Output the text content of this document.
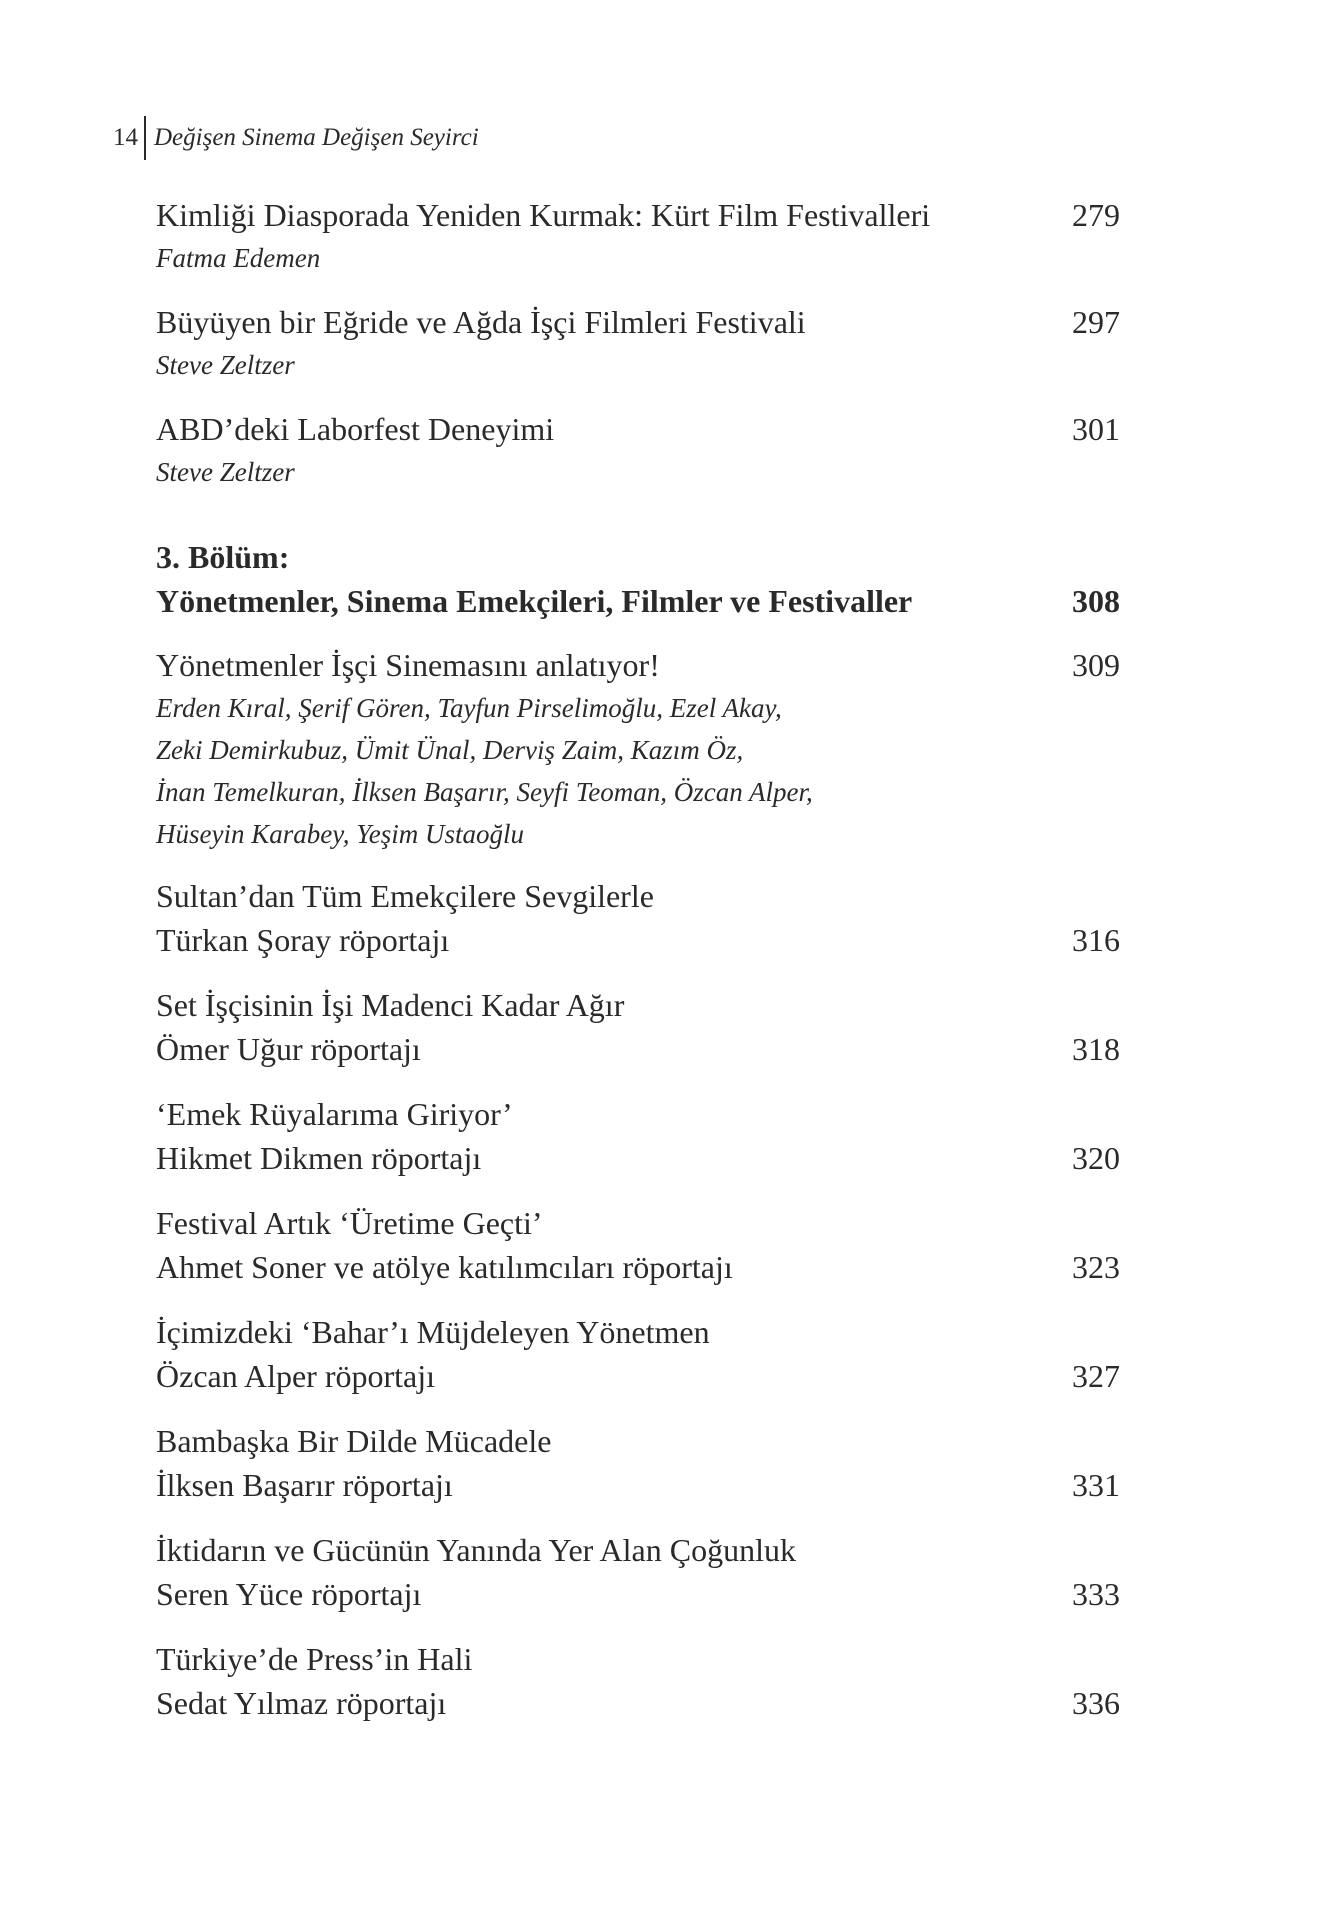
14 Değişen Sinema Değişen Seyirci
Kimliği Diasporada Yeniden Kurmak: Kürt Film Festivalleri	279
Fatma Edemen
Büyüyen bir Eğride ve Ağda İşçi Filmleri Festivali	297
Steve Zeltzer
ABD’deki Laborfest Deneyimi	301
Steve Zeltzer
3. Bölüm:
Yönetmenler, Sinema Emekçileri, Filmler ve Festivaller	308
Yönetmenler İşçi Sinemasını anlatıyor!	309
Erden Kıral, Şerif Gören, Tayfun Pirselimoğlu, Ezel Akay,
Zeki Demirkubuz, Ümit Ünal, Derviş Zaim, Kazım Öz,
İnan Temelkuran, İlksen Başarır, Seyfi Teoman, Özcan Alper,
Hüseyin Karabey, Yeşim Ustaoğlu
Sultan’dan Tüm Emekçilere Sevgilerle
Türkan Şoray röportajı	316
Set İşçisinin İşi Madenci Kadar Ağır
Ömer Uğur röportajı	318
‘Emek Rüyalarıma Giriyor’
Hikmet Dikmen röportajı	320
Festival Artık ‘Üretime Geçti’
Ahmet Soner ve atölye katılımcıları röportajı	323
İçimizdeki ‘Bahar’ı Müjdeleyen Yönetmen
Özcan Alper röportajı	327
Bambaşka Bir Dilde Mücadele
İlksen Başarır röportajı	331
İktidarın ve Gücünün Yanında Yer Alan Çoğunluk
Seren Yüce röportajı	333
Türkiye’de Press’in Hali
Sedat Yılmaz röportajı	336
